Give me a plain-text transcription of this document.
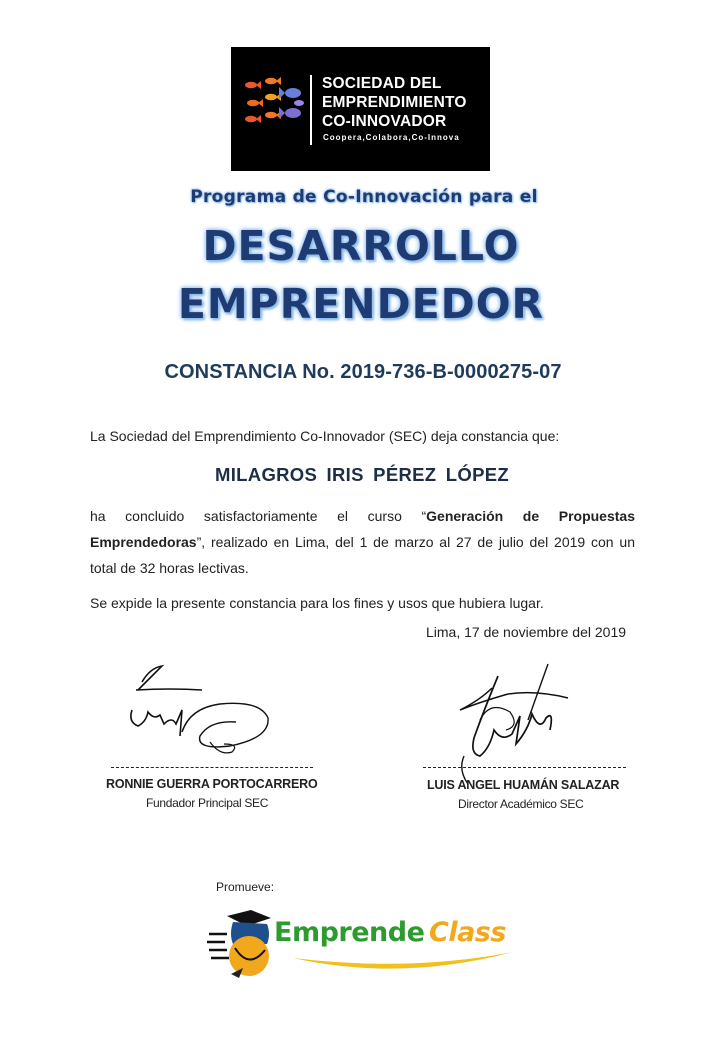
SOCIEDAD DEL
EMPRENDIMIENTO
CO-INNOVADOR
Coopera,Colabora,Co-Innova
Programa de Co-Innovación para el
DESARROLLO
EMPRENDEDOR
CONSTANCIA No. 2019-736-B-0000275-07
La Sociedad del Emprendimiento Co-Innovador (SEC) deja constancia que:
MILAGROS IRIS PÉREZ LÓPEZ
ha concluido satisfactoriamente el curso “Generación de Propuestas Emprendedoras”, realizado en Lima, del 1 de marzo al 27 de julio del 2019 con un total de 32 horas lectivas.
Se expide la presente constancia para los fines y usos que hubiera lugar.
Lima, 17 de noviembre del 2019
RONNIE GUERRA PORTOCARRERO
Fundador Principal SEC
LUIS ANGEL HUAMÁN SALAZAR
Director Académico SEC
Promueve:
Emprende Class
